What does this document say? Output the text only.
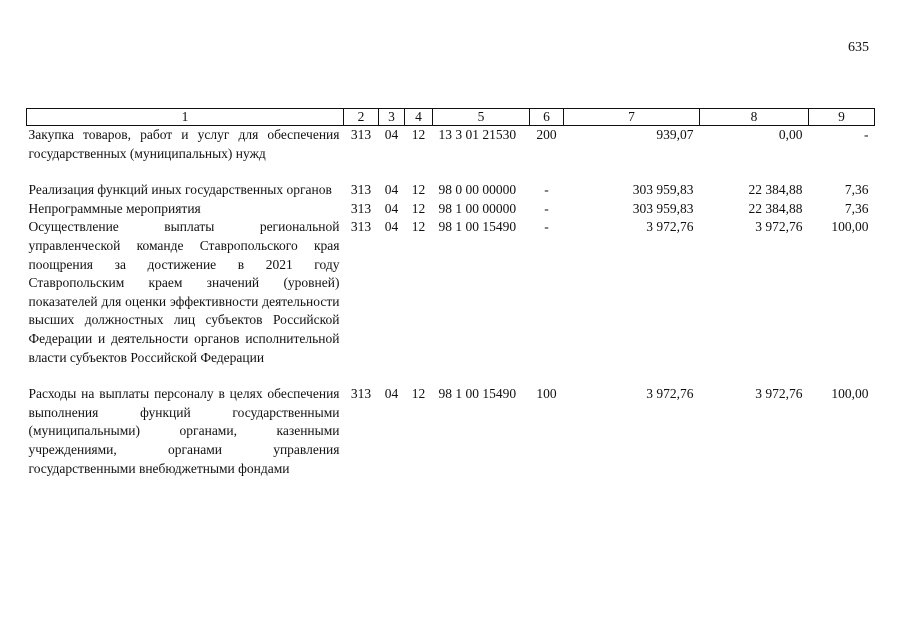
635
1	2	3	4	5	6	7	8	9
Закупка товаров, работ и услуг для обеспечения государственных (муниципальных) нужд	313	04	12	13 3 01 21530	200	939,07	0,00	-

Реализация функций иных государственных органов	313	04	12	98 0 00 00000	-	303 959,83	22 384,88	7,36
Непрограммные мероприятия	313	04	12	98 1 00 00000	-	303 959,83	22 384,88	7,36
Осуществление выплаты региональной управленческой команде Ставропольского края поощрения за достижение в 2021 году Ставропольским краем значений (уровней) показателей для оценки эффективности деятельности высших должностных лиц субъектов Российской Федерации и деятельности органов исполнительной власти субъектов Российской Федерации	313	04	12	98 1 00 15490	-	3 972,76	3 972,76	100,00

Расходы на выплаты персоналу в целях обеспечения выполнения функций государственными (муниципальными) органами, казенными учреждениями, органами управления государственными внебюджетными фондами	313	04	12	98 1 00 15490	100	3 972,76	3 972,76	100,00
